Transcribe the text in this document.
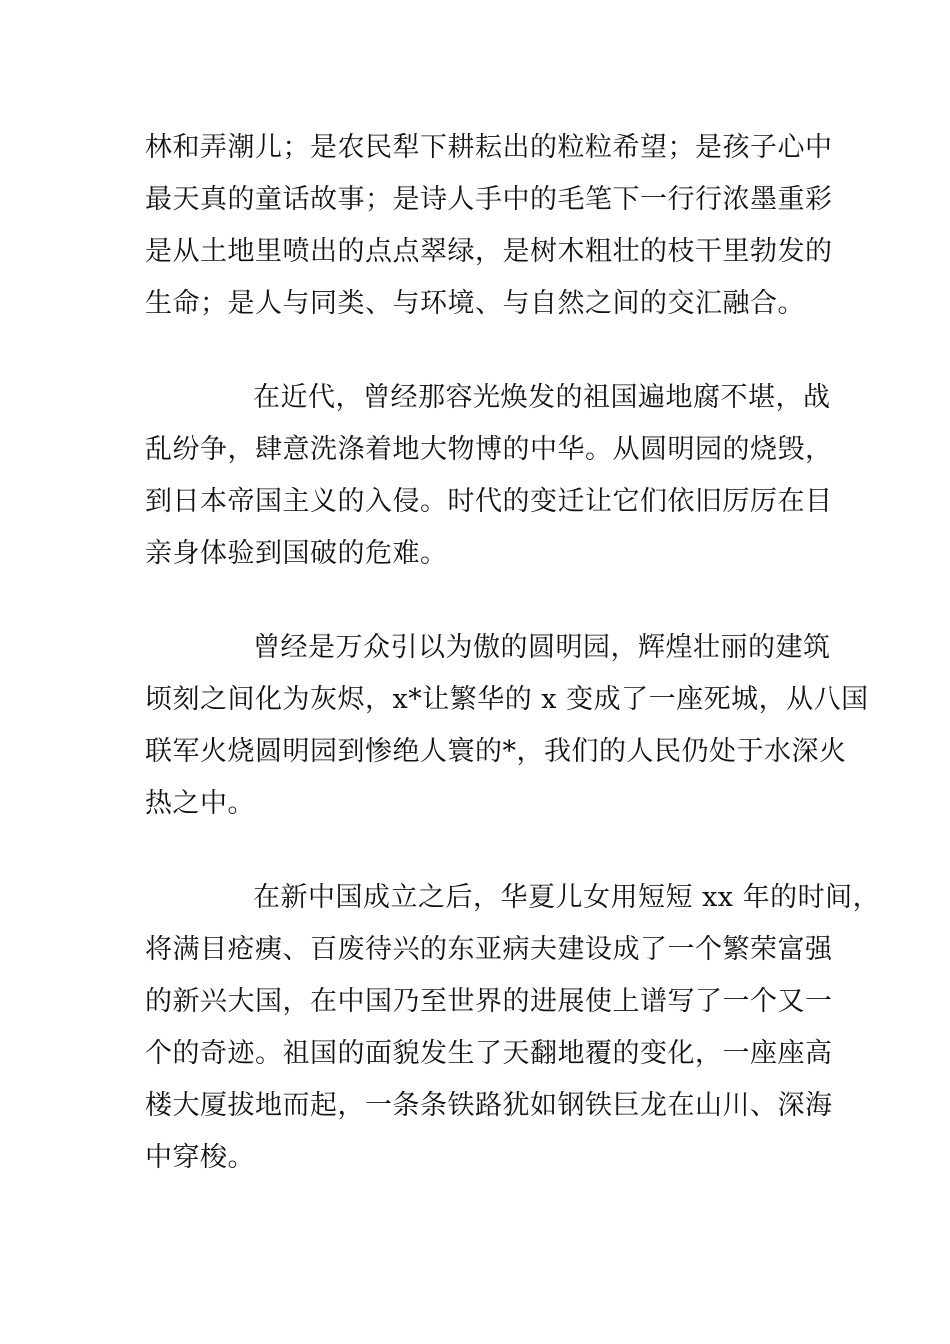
林和弄潮儿；是农民犁下耕耘出的粒粒希望；是孩子心中
最天真的童话故事；是诗人手中的毛笔下一行行浓墨重彩
是从土地里喷出的点点翠绿，是树木粗壮的枝干里勃发的
生命；是人与同类、与环境、与自然之间的交汇融合。
在近代，曾经那容光焕发的祖国遍地腐不堪，战
乱纷争，肆意洗涤着地大物博的中华。从圆明园的烧毁，
到日本帝国主义的入侵。时代的变迁让它们依旧厉厉在目
亲身体验到国破的危难。
曾经是万众引以为傲的圆明园，辉煌壮丽的建筑
顷刻之间化为灰烬，x*让繁华的 x 变成了一座死城，从八国
联军火烧圆明园到惨绝人寰的*，我们的人民仍处于水深火
热之中。
在新中国成立之后，华夏儿女用短短 xx 年的时间，
将满目疮痍、百废待兴的东亚病夫建设成了一个繁荣富强
的新兴大国，在中国乃至世界的进展使上谱写了一个又一
个的奇迹。祖国的面貌发生了天翻地覆的变化，一座座高
楼大厦拔地而起，一条条铁路犹如钢铁巨龙在山川、深海
中穿梭。
